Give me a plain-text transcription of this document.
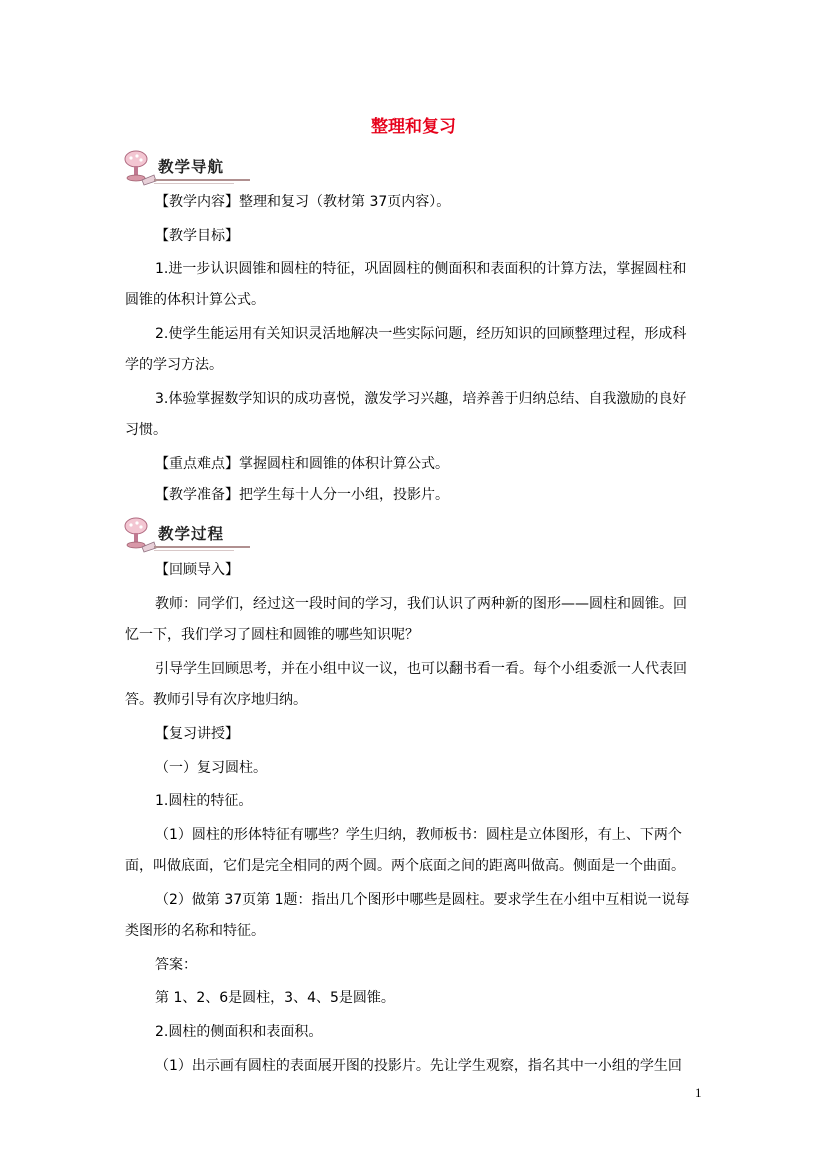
整理和复习
教学导航
教学过程
【教学内容】整理和复习（教材第 37页内容）。
【教学目标】
1.进一步认识圆锥和圆柱的特征，巩固圆柱的侧面积和表面积的计算方法，掌握圆柱和
圆锥的体积计算公式。
2.使学生能运用有关知识灵活地解决一些实际问题，经历知识的回顾整理过程，形成科
学的学习方法。
3.体验掌握数学知识的成功喜悦，激发学习兴趣，培养善于归纳总结、自我激励的良好
习惯。
【重点难点】掌握圆柱和圆锥的体积计算公式。
【教学准备】把学生每十人分一小组，投影片。
【回顾导入】
教师：同学们，经过这一段时间的学习，我们认识了两种新的图形——圆柱和圆锥。回
忆一下，我们学习了圆柱和圆锥的哪些知识呢？
引导学生回顾思考，并在小组中议一议，也可以翻书看一看。每个小组委派一人代表回
答。教师引导有次序地归纳。
【复习讲授】
（一）复习圆柱。
1.圆柱的特征。
（1）圆柱的形体特征有哪些？学生归纳，教师板书：圆柱是立体图形，有上、下两个
面，叫做底面，它们是完全相同的两个圆。两个底面之间的距离叫做高。侧面是一个曲面。
（2）做第 37页第 1题：指出几个图形中哪些是圆柱。要求学生在小组中互相说一说每
类图形的名称和特征。
答案：
第 1、2、6是圆柱，3、4、5是圆锥。
2.圆柱的侧面积和表面积。
（1）出示画有圆柱的表面展开图的投影片。先让学生观察，指名其中一小组的学生回
1
